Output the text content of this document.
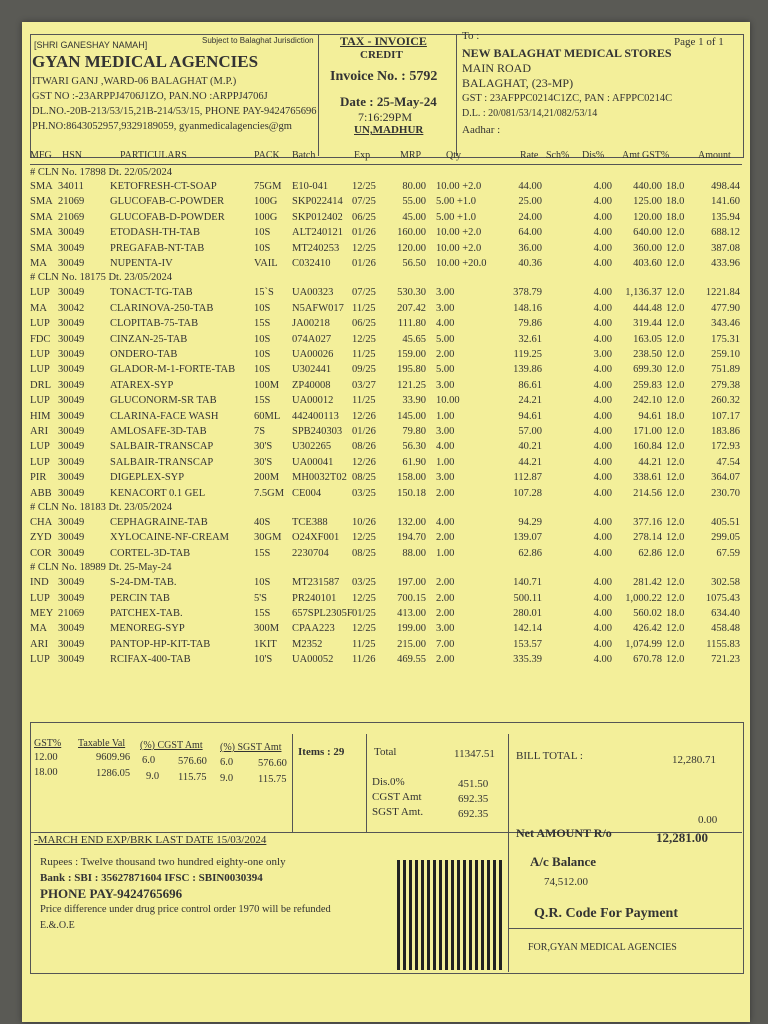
[SHRI GANESHAY NAMAH]	Subject to Balaghat Jurisdiction
GYAN MEDICAL AGENCIES
ITWARI GANJ ,WARD-06 BALAGHAT (M.P.)
GST NO :-23ARPPJ4706J1ZO, PAN.NO :ARPPJ4706J
DL.NO.-20B-213/53/15,21B-214/53/15, PHONE PAY-9424765696
PH.NO:8643052957,9329189059, gyanmedicalagencies@gm
TAX - INVOICE
CREDIT
Invoice No. : 5792
Date : 25-May-24
7:16:29PM
UN,MADHUR
To :	Page 1 of 1
NEW BALAGHAT MEDICAL STORES
MAIN ROAD
BALAGHAT, (23-MP)
GST : 23AFPPC0214C1ZC, PAN : AFPPC0214C
D.L. : 20/081/53/14,21/082/53/14
Aadhar :
MFG HSN	PARTICULARS	PACK Batch	Exp	MRP Qty	Rate Sch% Dis% Amt GST%	Amount
# CLN No. 17898 Dt. 22/05/2024
GST% Taxable Val (%) CGST Amt (%) SGST Amt
12.00	9609.96 6.0 576.60 6.0 576.60
18.00	1286.05 9.0 115.75 9.0 115.75
Items : 29	Total	11347.51
Dis.0%	451.50
CGST Amt	692.35
SGST Amt.	692.35
BILL TOTAL :	12,280.71
0.00
Net AMOUNT R/o	12,281.00
-MARCH END EXP/BRK LAST DATE 15/03/2024
Rupees : Twelve thousand two hundred eighty-one only
Bank : SBI : 35627871604 IFSC : SBIN0030394
PHONE PAY-9424765696
Price difference under drug price control order 1970 will be refunded
E.&.O.E
A/c Balance
74,512.00
Q.R. Code For Payment
FOR,GYAN MEDICAL AGENCIES
SMA 34011 KETOFRESH-CT-SOAP	75GM E10-041 12/25	80.00 10.00 +2.0	44.00	4.00 440.00 18.0	498.44
SMA 21069 GLUCOFAB-C-POWDER	100G SKP022414 07/25	55.00 5.00 +1.0	25.00	4.00 125.00 18.0	141.60
SMA 21069 GLUCOFAB-D-POWDER	100G SKP012402 06/25	45.00 5.00 +1.0	24.00	4.00 120.00 18.0	135.94
SMA 30049 ETODASH-TH-TAB	10S ALT240121 01/26 160.00 10.00 +2.0	64.00	4.00 640.00 12.0	688.12
SMA 30049 PREGAFAB-NT-TAB	10S MT240253 12/25 120.00 10.00 +2.0	36.00	4.00 360.00 12.0	387.08
MA 30049 NUPENTA-IV	VAIL C032410 01/26	56.50 10.00 +20.0	40.36	4.00 403.60 12.0	433.96
# CLN No. 18175 Dt. 23/05/2024
LUP 30049 TONACT-TG-TAB	15`S UA00323 07/25 530.30 3.00	378.79	4.00 1,136.37 12.0 1221.84
MA 30042 CLARINOVA-250-TAB	10S N5AFW017 11/25 207.42 3.00	148.16	4.00 444.48 12.0	477.90
LUP 30049 CLOPITAB-75-TAB	15S JA00218 06/25 111.80 4.00	79.86	4.00 319.44 12.0	343.46
FDC 30049 CINZAN-25-TAB	10S 074A027 12/25	45.65 5.00	32.61	4.00 163.05 12.0	175.31
LUP 30049 ONDERO-TAB	10S UA00026 11/25 159.00 2.00	119.25	3.00 238.50 12.0	259.10
LUP 30049 GLADOR-M-1-FORTE-TAB 10S U302441 09/25 195.80 5.00	139.86	4.00 699.30 12.0	751.89
DRL 30049 ATAREX-SYP	100M ZP40008 03/27 121.25 3.00	86.61	4.00 259.83 12.0	279.38
LUP 30049 GLUCONORM-SR TAB	15S UA00012 11/25	33.90 10.00	24.21	4.00 242.10 12.0	260.32
HIM 30049 CLARINA-FACE WASH	60ML 442400113 12/26 145.00 1.00	94.61	4.00	94.61 18.0	107.17
ARI 30049 AMLOSAFE-3D-TAB	7S	SPB240303 01/26	79.80 3.00	57.00	4.00 171.00 12.0	183.86
LUP 30049 SALBAIR-TRANSCAP	30'S U302265 08/26	56.30 4.00	40.21	4.00 160.84 12.0	172.93
LUP 30049 SALBAIR-TRANSCAP	30'S UA00041 12/26	61.90 1.00	44.21	4.00	44.21 12.0	47.54
PIR 30049 DIGEPLEX-SYP	200M MH0032T02 08/25 158.00 3.00	112.87	4.00 338.61 12.0	364.07
ABB 30049 KENACORT 0.1 GEL	7.5GM CE004	03/25 150.18 2.00	107.28	4.00 214.56 12.0	230.70
# CLN No. 18183 Dt. 23/05/2024
CHA 30049 CEPHAGRAINE-TAB	40S TCE388 10/26 132.00 4.00	94.29	4.00 377.16 12.0	405.51
ZYD 30049 XYLOCAINE-NF-CREAM 30GM O24XF001 12/25 194.70 2.00	139.07	4.00 278.14 12.0	299.05
COR 30049 CORTEL-3D-TAB	15S 2230704 08/25	88.00 1.00	62.86	4.00	62.86 12.0	67.59
# CLN No. 18989 Dt. 25-May-24
IND 30049 S-24-DM-TAB.	10S MT231587 03/25 197.00 2.00	140.71	4.00 281.42 12.0	302.58
LUP 30049 PERCIN TAB	5'S PR240101 12/25 700.15 2.00	500.11	4.00 1,000.22 12.0 1075.43
MEY 21069 PATCHEX-TAB.	15S 657SPL2305F 01/25 413.00 2.00	280.01	4.00 560.02 18.0	634.40
MA 30049 MENOREG-SYP	300M CPAA223 12/25 199.00 3.00	142.14	4.00 426.42 12.0	458.48
ARI 30049 PANTOP-HP-KIT-TAB	1KIT M2352	11/25 215.00 7.00	153.57	4.00 1,074.99 12.0 1155.83
LUP 30049 RCIFAX-400-TAB	10'S UA00052 11/26 469.55 2.00	335.39	4.00 670.78 12.0	721.23
